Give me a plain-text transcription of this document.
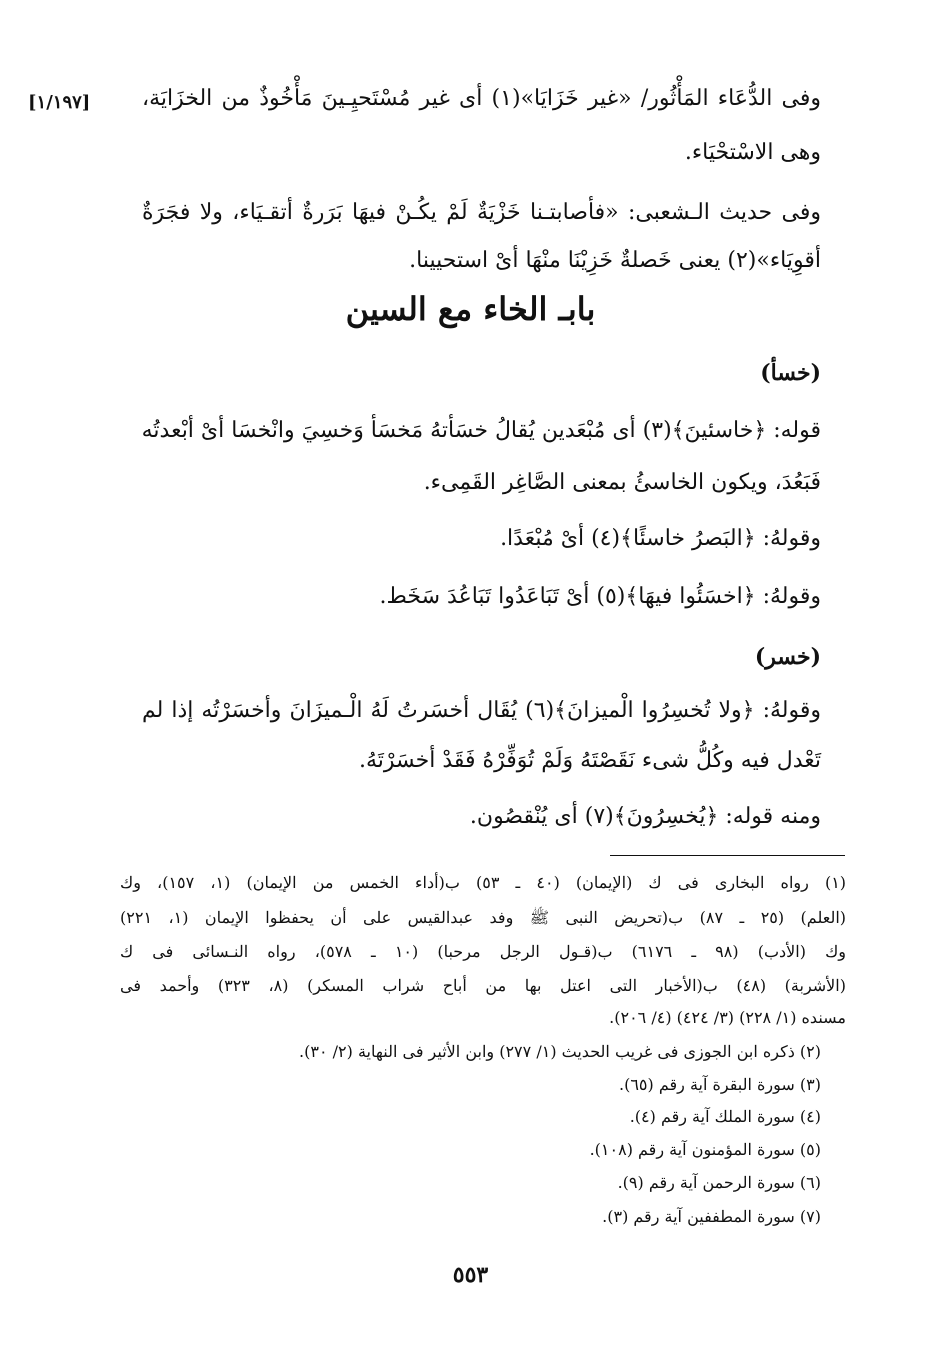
[١/١٩٧] وفى الدُّعَاء المَأْثُور/ «غير خَزَايَا»(١) أى غير مُسْتَحيِـينَ مَأْخُوذٌ من الخزَايَة،
وهى الاسْتحْيَاء.
وفى حديث الـشعبى: «فأصابتـنا خَزْيَةٌ لَمْ يكُـنْ فيهَا بَرَرةٌ أتقـيَاء، ولا فجَرَةٌ
أقوِيَاء»(٢) يعنى خَصلةٌ خَزِيْنَا منْهَا أىْ استحيينا.
بابـ الخاء مع السين
(خسأ)
قوله: ﴿خاسئينَ﴾(٣) أى مُبْعَدين يُقالُ خسَأتهُ مَخسَأ وَخسِيَ وانْخسَا أىْ أبْعدتُه
فَبَعُدَ، ويكون الخاسئُ بمعنى الصَّاغِر القَمِىء.
وقولهُ: ﴿البَصرُ خاسئًا﴾(٤) أىْ مُبْعَدًا.
وقولهُ: ﴿اخسَئُوا فيهَا﴾(٥) أىْ تَبَاعَدُوا تَبَاعُدَ سَخَط.
(خسر)
وقولهُ: ﴿ولا تُخسِرُوا الْميزانَ﴾(٦) يُقَال أخسَرتُ لَهُ الْـميزَانَ وأخسَرْتُه إذا لم
تَعْدل فيه وكُلُّ شىء نَقَصْتَهُ وَلَمْ تُوَفِّرْهُ فَقَدْ أخسَرْتَهُ.
ومنه قوله: ﴿يُخسِرُونَ﴾(٧) أى يُنْقصُون.
(١) رواه البخارى فى ك (الإيمان) (٤٠ ـ ٥٣) ب(أداء الخمس من الإيمان) (١، ١٥٧)، وك
(العلم) (٢٥ ـ ٨٧) ب(تحريض النبى ﷺ وفد عبدالقيس على أن يحفظوا الإيمان (١، ٢٢١)
وك (الأدب) (٩٨ ـ ٦١٧٦) ب(قـول الرجل مرحبا) (١٠ ـ ٥٧٨)، رواه النـسائى فى ك
(الأشربة) (٤٨) ب(الأخبار التى اعتل بها من أباح شراب المسكر) (٨، ٣٢٣) وأحمد فى
مسنده (١/ ٢٢٨) (٣/ ٤٢٤) (٤/ ٢٠٦).
(٢) ذكره ابن الجوزى فى غريب الحديث (١/ ٢٧٧) وابن الأثير فى النهاية (٢/ ٣٠).
(٣) سورة البقرة آية رقم (٦٥).
(٤) سورة الملك آية رقم (٤).
(٥) سورة المؤمنون آية رقم (١٠٨).
(٦) سورة الرحمن آية رقم (٩).
(٧) سورة المطففين آية رقم (٣).
٥٥٣
